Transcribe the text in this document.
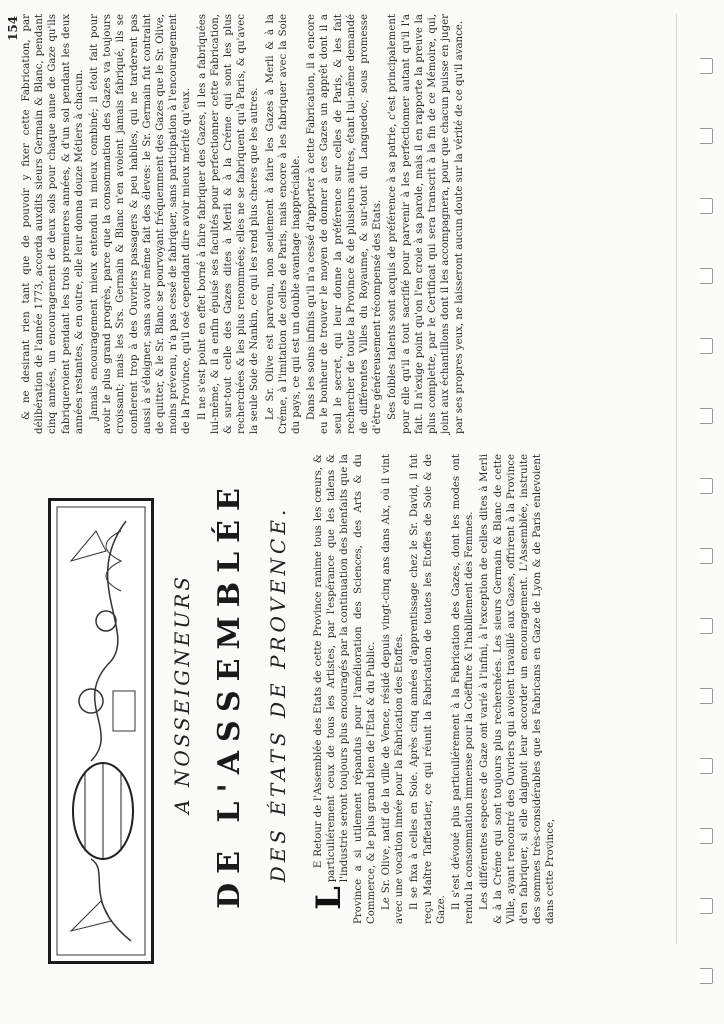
A NOSSEIGNEURS DE L'ASSEMBLÉE DES ÉTATS DE PROVENCE.

L
E Retour de l'Assemblée des Etats de cette Province ranime tous les cœurs, & particuliérement ceux de tous les Artistes, par l'espérance que les talens & l'industrie seront toujours plus encouragés par la continuation des bienfaits que la Province a si utilement répandus pour l'amélioration des Sciences, des Arts & du Commerce, & le plus grand bien de l'Etat & du Public. Le Sr. Olive, natif de la ville de Vence, résidé depuis vingt-cinq ans dans Aix, où il vint avec une vocation innée pour la Fabrication des Etoffes. Il se fixa à celles en Soie. Après cinq années d'apprentissage chez le Sr. David, il fut reçu Maître Taffetatier, ce qui réunit la Fabrication de toutes les Etoffes de Soie & de Gaze. Il s'est dévoué plus particuliérement à la Fabrication des Gazes, dont les modes ont rendu la consommation immense pour la Coëffure & l'habillement des Femmes. Les différentes especes de Gaze ont varié à l'infini, à l'exception de celles dites à Merli & à la Créme qui sont toujours plus recherchées. Les sieurs Germain & Blanc de cette Ville, ayant rencontré des Ouvriers qui avoient travaillé aux Gazes, offrirent à la Province d'en fabriquer, si elle daignoit leur accorder un encouragement. L'Assemblée, instruite des sommes très-considérables que les Fabricans en Gaze de Lyon & de Paris enlevoient dans cette Province,

154 & ne desirant rien tant que de pouvoir y fixer cette Fabrication, par délibération de l'année 1773, accorda auxdits sieurs Germain & Blanc, pendant cinq années, un encouragement de deux sols pour chaque aune de Gaze qu'ils fabriqueroient pendant les trois premieres années, & d'un sol pendant les deux années restantes, & en outre, elle leur donna douze Métiers à chacun. Jamais encouragement mieux entendu ni mieux combiné; il étoit fait pour avoir le plus grand progrès, parce que la consommation des Gazes va toujours croissant; mais les Srs. Germain & Blanc n'en avoient jamais fabriqué, ils se confierent trop à des Ouvriers passagers & peu habiles, qui ne tarderent pas aussi à s'éloigner, sans avoir même fait des éleves: le Sr. Germain fut contraint de quitter, & le Sr. Blanc se pourvoyant fréquemment des Gazes que le Sr. Olive, moins prévenu, n'a pas cessé de fabriquer, sans participation à l'encouragement de la Province, qu'il osé cependant dire avoir mieux mérité qu'eux. Il ne s'est point en effet borné à faire fabriquer des Gazes, il les a fabriquées lui-même, & il a enfin épuisé ses facultés pour perfectionner cette Fabrication, & sur-tout celle des Gazes dites à Merli & à la Créme qui sont les plus recherchées & les plus renommées; elles ne se fabriquent qu'à Paris, & qu'avec la seule Soie de Nankin, ce qui les rend plus cheres que les autres. Le Sr. Olive est parvenu, non seulement à faire les Gazes à Merli & à la Créme, à l'imitation de celles de Paris, mais encore à les fabriquer avec la Soie du pays, ce qui est un double avantage inappréciable. Dans les soins infinis qu'il n'a cessé d'apporter à cette Fabrication, il a encore eu le bonheur de trouver le moyen de donner à ces Gazes un apprêt dont il a seul le secret, qui leur donne la préférence sur celles de Paris, & les fait rechercher de toute la Province & de plusieurs autres, étant lui-même demandé de différentes Villes du Royaume, & sur-tout du Languedoc, sous promesse d'être généreusement récompensé des Etats. Ses foibles talents sont acquis de préférence à sa patrie, c'est principalement pour elle qu'il a tout sacrifié pour parvenir à les perfectionner autant qu'il l'a fait. Il n'exige point qu'on l'en croie à sa parole, mais il en rapporte la preuve la plus complette, par le Certificat qui sera transcrit à la fin de ce Mémoire, qui, joint aux échantillons dont il les accompagnera, pour que chacun puisse en juger par ses propres yeux, ne laisseront aucun doute sur la vérité de ce qu'il avance.
